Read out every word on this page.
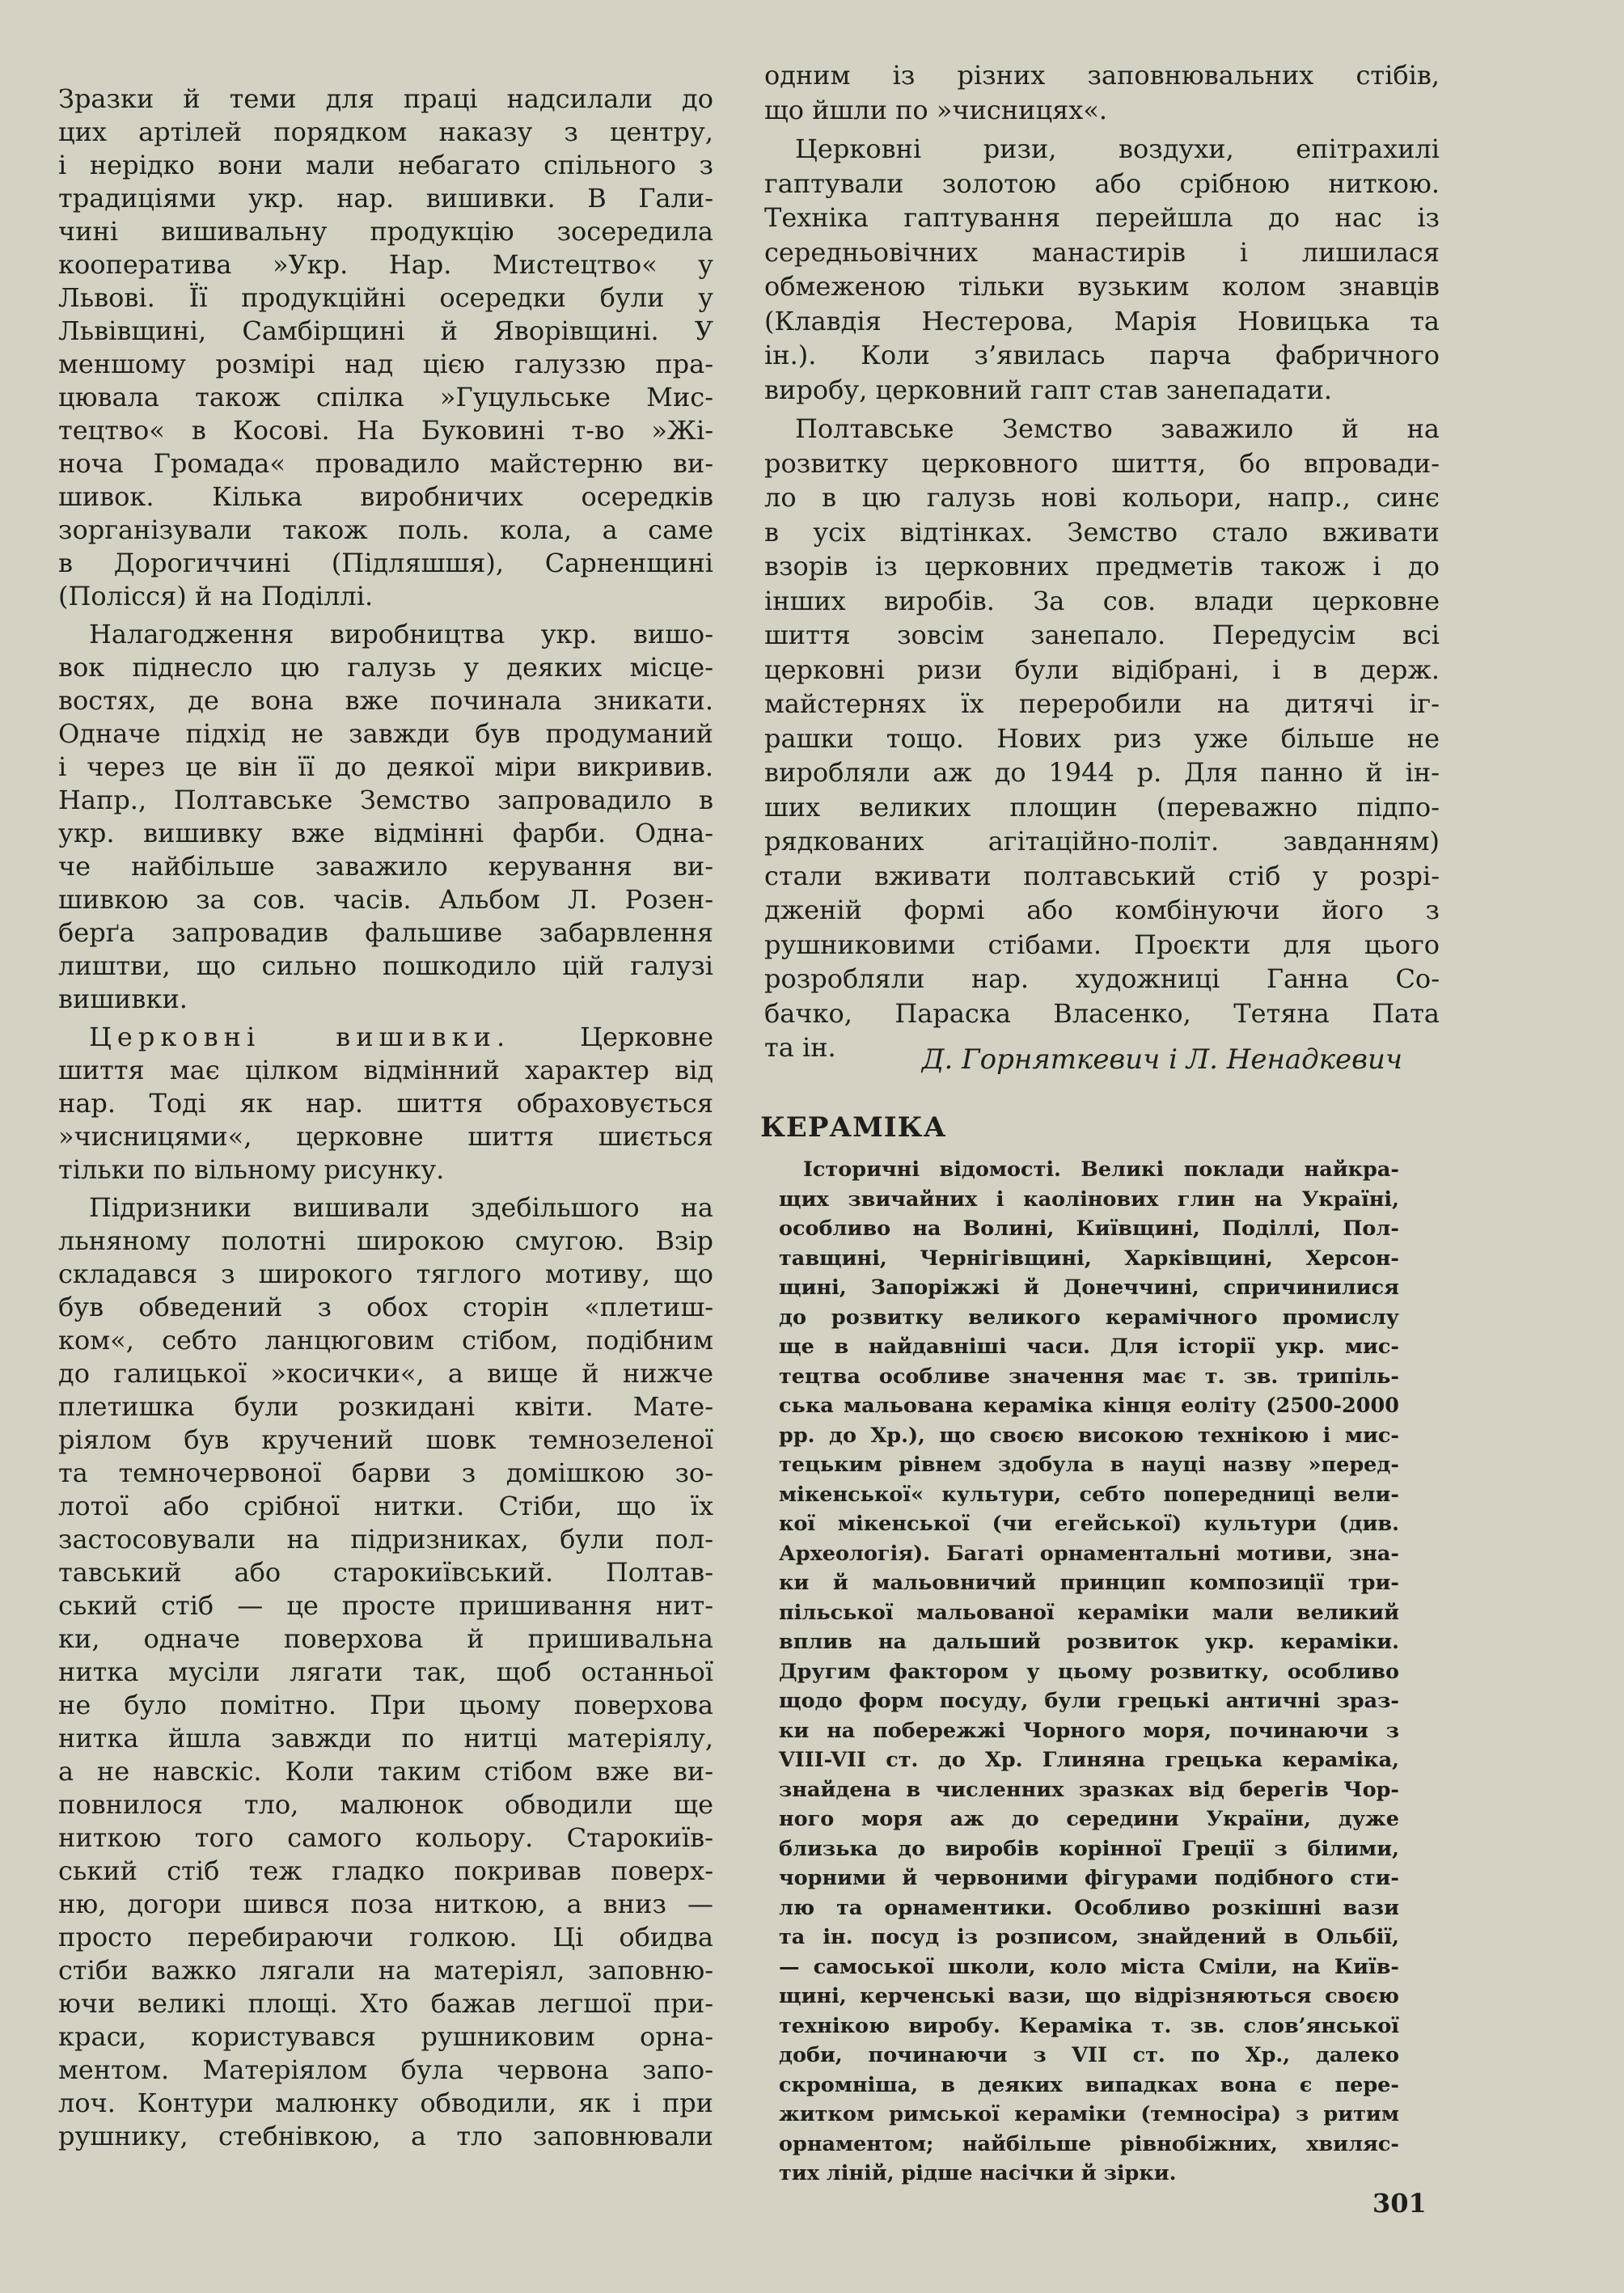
Зразки й теми для праці надсилали до
цих артілей порядком наказу з центру,
і нерідко вони мали небагато спільного з
традиціями укр. нар. вишивки. В Гали-
чині вишивальну продукцію зосередила
кооператива »Укр. Нар. Мистецтво« у
Львові. Її продукційні осередки були у
Львівщині, Самбірщині й Яворівщині. У
меншому розмірі над цією галуззю пра-
цювала також спілка »Гуцульське Мис-
тецтво« в Косові. На Буковині т-во »Жі-
ноча Громада« провадило майстерню ви-
шивок. Кілька виробничих осередків
зорганізували також поль. кола, а саме
в Дорогиччині (Підляшшя), Сарненщині
(Полісся) й на Поділлі.
Налагодження виробництва укр. вишо-
вок піднесло цю галузь у деяких місце-
востях, де вона вже починала зникати.
Одначе підхід не завжди був продуманий
і через це він її до деякої міри викривив.
Напр., Полтавське Земство запровадило в
укр. вишивку вже відмінні фарби. Одна-
че найбільше заважило керування ви-
шивкою за сов. часів. Альбом Л. Розен-
берґа запровадив фальшиве забарвлення
лиштви, що сильно пошкодило цій галузі
вишивки.
Церковні вишивки.	Церковне
шиття має цілком відмінний характер від
нар. Тоді як нар. шиття обраховується
»чисницями«, церковне шиття шиється
тільки по вільному рисунку.
Підризники вишивали здебільшого на
льняному полотні широкою смугою. Взір
складався з широкого тяглого мотиву, що
був обведений з обох сторін «плетиш-
ком«, себто ланцюговим стібом, подібним
до галицької »косички«, а вище й нижче
плетишка були розкидані квіти. Мате-
ріялом був кручений шовк темнозеленої
та темночервоної барви з домішкою зо-
лотої або срібної нитки. Стіби, що їх
застосовували на підризниках, були пол-
тавський або старокиївський. Полтав-
ський стіб — це просте пришивання нит-
ки, одначе поверхова й пришивальна
нитка мусіли лягати так, щоб останньої
не було помітно. При цьому поверхова
нитка йшла завжди по нитці матеріялу,
а не навскіс. Коли таким стібом вже ви-
повнилося тло, малюнок обводили ще
ниткою того самого кольору. Старокиїв-
ський стіб теж гладко покривав поверх-
ню, догори шився поза ниткою, а вниз —
просто перебираючи голкою. Ці обидва
стіби важко лягали на матеріял, заповню-
ючи великі площі. Хто бажав легшої при-
краси, користувався рушниковим орна-
ментом. Матеріялом була червона запо-
лоч. Контури малюнку обводили, як і при
рушнику, стебнівкою, а тло заповнювали
одним із різних заповнювальних стібів,
що йшли по »чисницях«.
Церковні ризи, воздухи, епітрахилі
гаптували золотою або срібною ниткою.
Техніка гаптування перейшла до нас із
середньовічних манастирів і лишилася
обмеженою тільки вузьким колом знавців
(Клавдія Нестерова, Марія Новицька та
ін.). Коли з’явилась парча фабричного
виробу, церковний гапт став занепадати.
Полтавське Земство заважило й на
розвитку церковного шиття, бо впровади-
ло в цю галузь нові кольори, напр., синє
в усіх відтінках. Земство стало вживати
взорів із церковних предметів також і до
інших виробів. За сов. влади церковне
шиття зовсім занепало. Передусім всі
церковні ризи були відібрані, і в держ.
майстернях їх переробили на дитячі іг-
рашки тощо. Нових риз уже більше не
виробляли аж до 1944 р. Для панно й ін-
ших великих площин (переважно підпо-
рядкованих агітаційно-політ. завданням)
стали вживати полтавський стіб у розрі-
дженій формі або комбінуючи його з
рушниковими стібами. Проєкти для цього
розробляли нар. художниці Ганна Со-
бачко, Параска Власенко, Тетяна Пата
та ін.	Д. Горняткевич і Л. Ненадкевич
КЕРАМІКА
Історичні відомості. Великі поклади найкра-
щих звичайних і каолінових глин на Україні,
особливо на Волині, Київщині, Поділлі, Пол-
тавщині, Чернігівщині, Харківщині, Херсон-
щині, Запоріжжі й Донеччині, спричинилися
до розвитку великого керамічного промислу
ще в найдавніші часи. Для історії укр. мис-
тецтва особливе значення має т. зв. трипіль-
ська мальована кераміка кінця еоліту (2500-2000
рр. до Хр.), що своєю високою технікою і мис-
тецьким рівнем здобула в науці назву »перед-
мікенської« культури, себто попередниці вели-
кої мікенської (чи егейської) культури (див.
Археологія). Багаті орнаментальні мотиви, зна-
ки й мальовничий принцип композиції три-
пільської мальованої кераміки мали великий
вплив на дальший розвиток укр. кераміки.
Другим фактором у цьому розвитку, особливо
щодо форм посуду, були грецькі античні зраз-
ки на побережжі Чорного моря, починаючи з
VIII-VII ст. до Хр. Глиняна грецька кераміка,
знайдена в численних зразках від берегів Чор-
ного моря аж до середини України, дуже
близька до виробів корінної Греції з білими,
чорними й червоними фігурами подібного сти-
лю та орнаментики. Особливо розкішні вази
та ін. посуд із розписом, знайдений в Ольбії,
— самоської школи, коло міста Сміли, на Київ-
щині, керченські вази, що відрізняються своєю
технікою виробу. Кераміка т. зв. слов’янської
доби, починаючи з VII ст. по Хр., далеко
скромніша, в деяких випадках вона є пере-
житком римської кераміки (темносіра) з ритим
орнаментом; найбільше рівнобіжних, хвиляс-
тих ліній, рідше насічки й зірки.
301
